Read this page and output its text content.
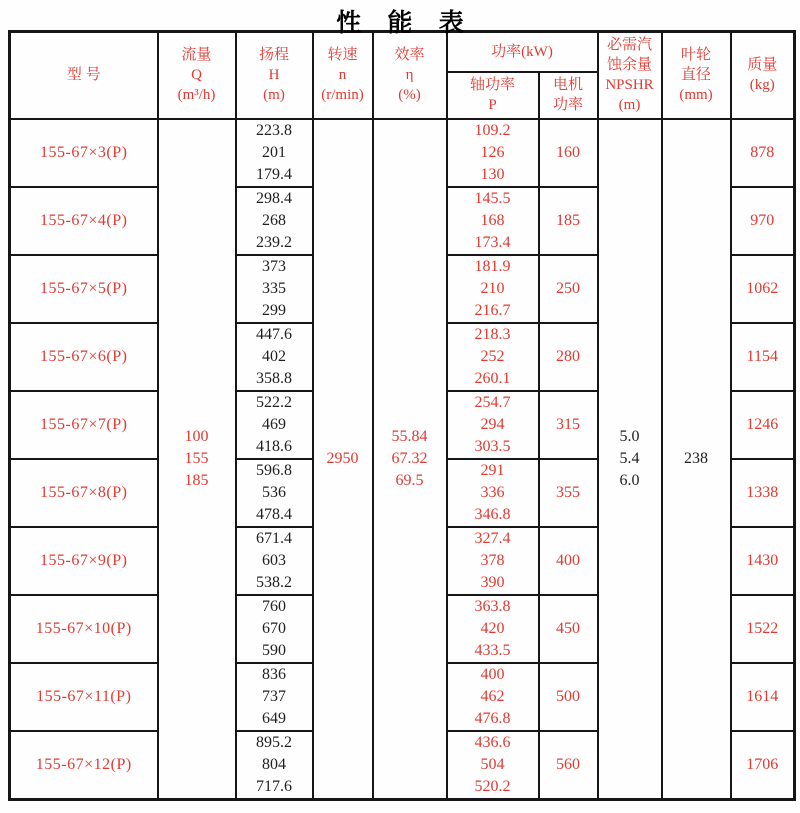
性 能 表
型 号	流量
Q
(m³/h)	扬程
H
(m)	转速
n
(r/min)	效率
η
(%)	功率(kW)		必需汽
蚀余量
NPSHR
(m)	叶轮
直径
(mm)	质量
(kg)

					轴功率
P	电机
功率			

155-67×3(P)	100
155
185	223.8
201
179.4	2950	55.84
67.32
69.5	109.2
126
130	160	5.0
5.4
6.0	238	878
155-67×4(P)		298.4
268
239.2			145.5
168
173.4	185			970
155-67×5(P)		373
335
299			181.9
210
216.7	250			1062
155-67×6(P)		447.6
402
358.8			218.3
252
260.1	280			1154
155-67×7(P)		522.2
469
418.6			254.7
294
303.5	315			1246
155-67×8(P)		596.8
536
478.4			291
336
346.8	355			1338
155-67×9(P)		671.4
603
538.2			327.4
378
390	400			1430
155-67×10(P)		760
670
590			363.8
420
433.5	450			1522
155-67×11(P)		836
737
649			400
462
476.8	500			1614
155-67×12(P)		895.2
804
717.6			436.6
504
520.2	560			1706
